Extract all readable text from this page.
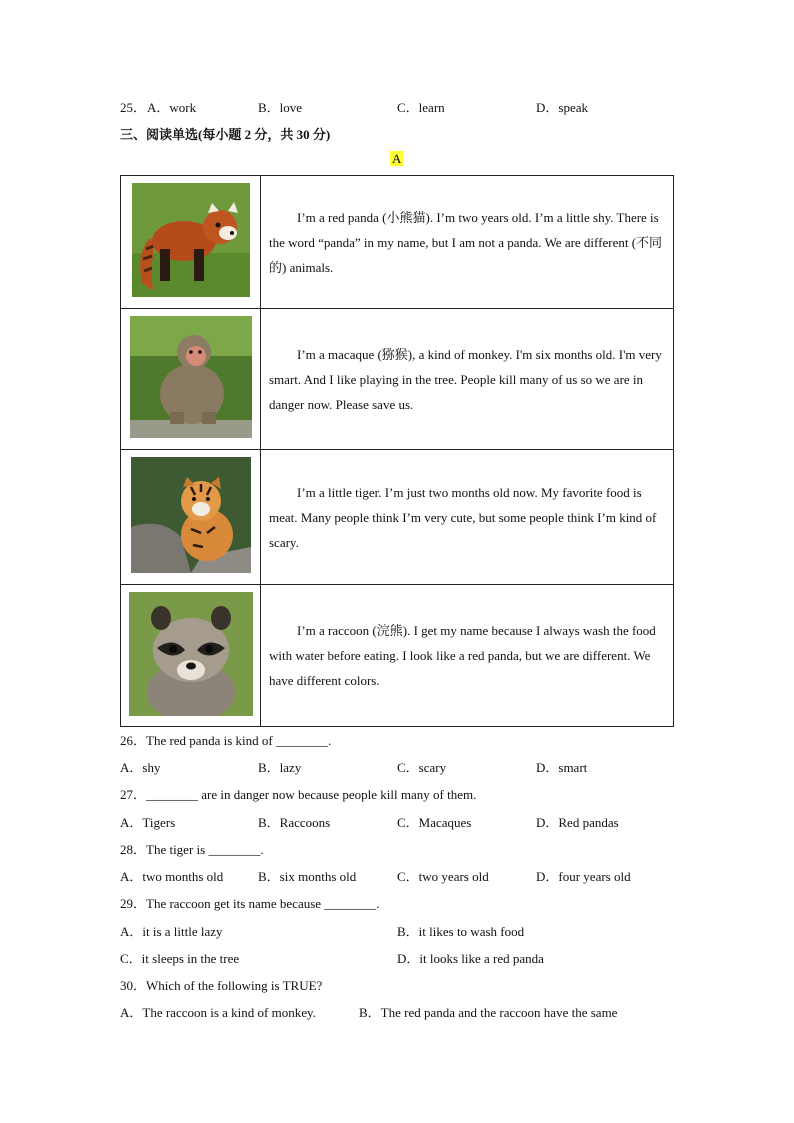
25． A．work	B．love	C．learn	D．speak
三、阅读单选(每小题 2 分，共 30 分)
A

I’m a red panda (小熊猫). I’m two years old. I’m a little shy. There is the word “panda” in my name, but I am not a panda. We are different (不同的) animals.

I’m a macaque (猕猴), a kind of monkey. I'm six months old. I'm very smart. And I like playing in the tree. People kill many of us so we are in danger now. Please save us.

I’m a little tiger. I’m just two months old now. My favorite food is meat. Many people think I’m very cute, but some people think I’m kind of scary.

I’m a raccoon (浣熊). I get my name because I always wash the food with water before eating. I look like a red panda, but we are different. We have different colors.

26．The red panda is kind of ________.
A．shy	B．lazy	C．scary	D．smart
27．________ are in danger now because people kill many of them.
A．Tigers	B．Raccoons	C．Macaques	D．Red pandas
28．The tiger is ________.
A．two months old	B．six months old	C．two years old	D．four years old
29．The raccoon get its name because ________.
A．it is a little lazy	B．it likes to wash food
C．it sleeps in the tree	D．it looks like a red panda
30．Which of the following is TRUE?
A．The raccoon is a kind of monkey.	B．The red panda and the raccoon have the same
